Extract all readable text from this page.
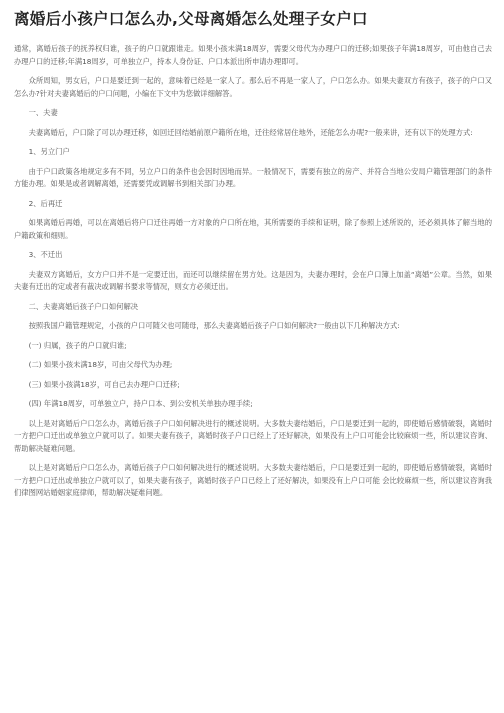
离婚后小孩户口怎么办,父母离婚怎么处理子女户口

通常，离婚后孩子的抚养权归谁，孩子的户口就跟谁走。如果小孩未满18周岁，需要父母代为办理户口的迁移;如果孩子年满18周岁，可由他自己去办理户口的迁移;年满18周岁，可单独立户，持本人身份证、户口本派出所申请办理即可。

众所周知，男女后，户口是要迁到一起的，意味着已经是一家人了。那么后不再是一家人了，户口怎么办。如果夫妻双方有孩子，孩子的户口又怎么办?针对夫妻离婚后的户口问题，小编在下文中为您做详细解答。

一、夫妻

夫妻离婚后，户口除了可以办理迁移，如回迁回结婚前原户籍所在地，迁往经常居住地外，还能怎么办呢?一般来讲，还有以下的处理方式:

1、另立门户

由于户口政策各地规定多有不同，另立户口的条件也会因时因地而异。一般情况下，需要有独立的房产、并符合当地公安局户籍管理部门的条件方能办理。如果是或者调解离婚，还需要凭或调解书到相关部门办理。

2、后再迁

如果离婚后再婚，可以在离婚后将户口迁往再婚一方对象的户口所在地，其所需要的手续和证明，除了参照上述所说的，还必须具体了解当地的户籍政策和细则。

3、不迁出

夫妻双方离婚后，女方户口并不是一定要迁出，而还可以继续留在男方处。这是因为，夫妻办理时，会在户口簿上加盖“离婚”公章。当然，如果夫妻有迁出的定或者有裁决或调解书要求等情况，则女方必须迁出。

二、夫妻离婚后孩子户口如何解决

按照我国户籍管理规定，小孩的户口可随父也可随母，那么夫妻离婚后孩子户口如何解决?一般由以下几种解决方式:

(一) 归属，孩子的户口就归谁;

(二) 如果小孩未满18岁，可由父母代为办理;

(三) 如果小孩满18岁，可自己去办理户口迁移;

(四) 年满18周岁，可单独立户，持户口本、到公安机关单独办理手续;

以上是对离婚后户口怎么办，离婚后孩子户口如何解决进行的概述说明。大多数夫妻结婚后，户口是要迁到一起的，即使婚后感情破裂，离婚时一方把户口迁出或单独立户就可以了。如果夫妻有孩子，离婚时孩子户口已经上了还好解决，如果没有上户口可能会比较麻烦一些，所以建议咨询、帮助解决疑难问题。

以上是对离婚后户口怎么办，离婚后孩子户口如何解决进行的概述说明。大多数夫妻结婚后，户口是要迁到一起的，即使婚后感情破裂，离婚时一方把户口迁出或单独立户就可以了，如果夫妻有孩子，离婚时孩子户口已经上了还好解决，如果没有上户口可能 会比较麻烦一些，所以建议咨询我们律图网站婚姻家庭律师，帮助解决疑难问题。
